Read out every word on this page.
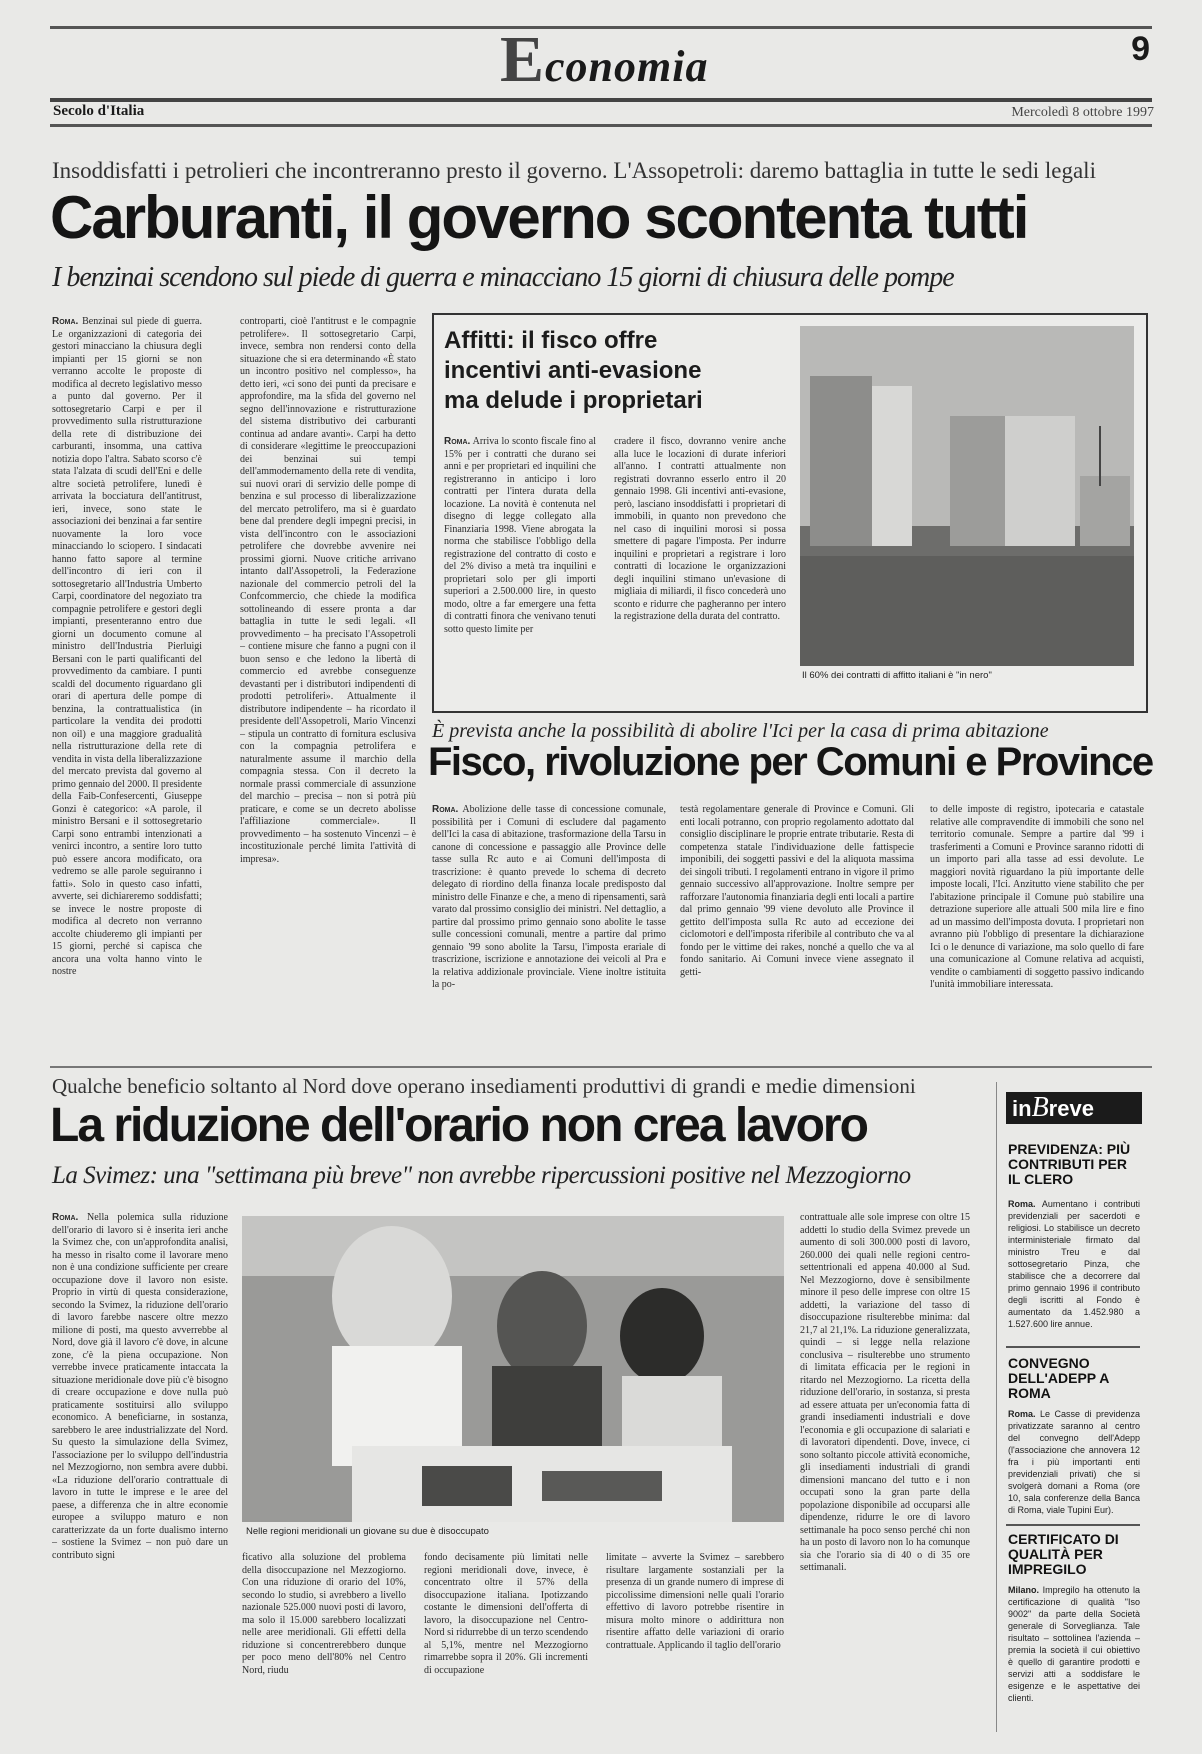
Economia	9
Secolo d'Italia	Mercoledì 8 ottobre 1997
Insoddisfatti i petrolieri che incontreranno presto il governo. L'Assopetroli: daremo battaglia in tutte le sedi legali
Carburanti, il governo scontenta tutti
I benzinai scendono sul piede di guerra e minacciano 15 giorni di chiusura delle pompe
Roma. Benzinai sul piede di guerra. Le organizzazioni di categoria dei gestori minacciano la chiusura degli impianti per 15 giorni se non verranno accolte le proposte di modifica al decreto legislativo messo a punto dal governo. Per il sottosegretario Carpi e per il provvedimento sulla ristrutturazione della rete di distribuzione dei carburanti, insomma, una cattiva notizia dopo l'altra. Sabato scorso c'è stata l'alzata di scudi dell'Eni e delle altre società petrolifere, lunedì è arrivata la bocciatura dell'antitrust, ieri, invece, sono state le associazioni dei benzinai a far sentire nuovamente la loro voce minacciando lo sciopero. I sindacati hanno fatto sapore al termine dell'incontro di ieri con il sottosegretario all'Industria Umberto Carpi, coordinatore del negoziato tra compagnie petrolifere e gestori degli impianti, presenteranno entro due giorni un documento comune al ministro dell'Industria Pierluigi Bersani con le parti qualificanti del provvedimento da cambiare. I punti scaldi del documento riguardano gli orari di apertura delle pompe di benzina, la contrattualistica (in particolare la vendita dei prodotti non oil) e una maggiore gradualità nella ristrutturazione della rete di vendita in vista della liberalizzazione del mercato prevista dal governo al primo gennaio del 2000. Il presidente della Faib-Confesercenti, Giuseppe Gonzi è categorico: «A parole, il ministro Bersani e il sottosegretario Carpi sono entrambi intenzionati a venirci incontro, a sentire loro tutto può essere ancora modificato, ora vedremo se alle parole seguiranno i fatti». Solo in questo caso infatti, avverte, sei dichiareremo soddisfatti; se invece le nostre proposte di modifica al decreto non verranno accolte chiuderemo gli impianti per 15 giorni, perché si capisca che ancora una volta hanno vinto le nostre
controparti, cioè l'antitrust e le compagnie petrolifere». Il sottosegretario Carpi, invece, sembra non rendersi conto della situazione che si era determinando «È stato un incontro positivo nel complesso», ha detto ieri, «ci sono dei punti da precisare e approfondire, ma la sfida del governo nel segno dell'innovazione e ristrutturazione del sistema distributivo dei carburanti continua ad andare avanti». Carpi ha detto di considerare «legittime le preoccupazioni dei benzinai sui tempi dell'ammodernamento della rete di vendita, sui nuovi orari di servizio delle pompe di benzina e sul processo di liberalizzazione del mercato petrolifero, ma si è guardato bene dal prendere degli impegni precisi, in vista dell'incontro con le associazioni petrolifere che dovrebbe avvenire nei prossimi giorni. Nuove critiche arrivano intanto dall'Assopetroli, la Federazione nazionale del commercio petroli del la Confcommercio, che chiede la modifica sottolineando di essere pronta a dar battaglia in tutte le sedi legali. «Il provvedimento – ha precisato l'Assopetroli – contiene misure che fanno a pugni con il buon senso e che ledono la libertà di commercio ed avrebbe conseguenze devastanti per i distributori indipendenti di prodotti petroliferi». Attualmente il distributore indipendente – ha ricordato il presidente dell'Assopetroli, Mario Vincenzi – stipula un contratto di fornitura esclusiva con la compagnia petrolifera e naturalmente assume il marchio della compagnia stessa. Con il decreto la normale prassi commerciale di assunzione del marchio – precisa – non si potrà più praticare, e come se un decreto abolisse l'affiliazione commerciale». Il provvedimento – ha sostenuto Vincenzi – è incostituzionale perché limita l'attività di impresa».
Affitti: il fisco offre
incentivi anti-evasione
ma delude i proprietari
Roma. Arriva lo sconto fiscale fino al 15% per i contratti che durano sei anni e per proprietari ed inquilini che registreranno in anticipo i loro contratti per l'intera durata della locazione. La novità è contenuta nel disegno di legge collegato alla Finanziaria 1998. Viene abrogata la norma che stabilisce l'obbligo della registrazione del contratto di costo e del 2% diviso a metà tra inquilini e proprietari solo per gli importi superiori a 2.500.000 lire, in questo modo, oltre a far emergere una fetta di contratti finora che venivano tenuti sotto questo limite per
cradere il fisco, dovranno venire anche alla luce le locazioni di durate inferiori all'anno. I contratti attualmente non registrati dovranno esserlo entro il 20 gennaio 1998. Gli incentivi anti-evasione, però, lasciano insoddisfatti i proprietari di immobili, in quanto non prevedono che nel caso di inquilini morosi si possa smettere di pagare l'imposta. Per indurre inquilini e proprietari a registrare i loro contratti di locazione le organizzazioni degli inquilini stimano un'evasione di migliaia di miliardi, il fisco concederà uno sconto e ridurre che pagheranno per intero la registrazione della durata del contratto.
Il 60% dei contratti di affitto italiani è "in nero"
È prevista anche la possibilità di abolire l'Ici per la casa di prima abitazione
Fisco, rivoluzione per Comuni e Province
Roma. Abolizione delle tasse di concessione comunale, possibilità per i Comuni di escludere dal pagamento dell'Ici la casa di abitazione, trasformazione della Tarsu in canone di concessione e passaggio alle Province delle tasse sulla Rc auto e ai Comuni dell'imposta di trascrizione: è quanto prevede lo schema di decreto delegato di riordino della finanza locale predisposto dal ministro delle Finanze e che, a meno di ripensamenti, sarà varato dal prossimo consiglio dei ministri. Nel dettaglio, a partire dal prossimo primo gennaio sono abolite le tasse sulle concessioni comunali, mentre a partire dal primo gennaio '99 sono abolite la Tarsu, l'imposta erariale di trascrizione, iscrizione e annotazione dei veicoli al Pra e la relativa addizionale provinciale. Viene inoltre istituita la po-
testà regolamentare generale di Province e Comuni. Gli enti locali potranno, con proprio regolamento adottato dal consiglio disciplinare le proprie entrate tributarie. Resta di competenza statale l'individuazione delle fattispecie imponibili, dei soggetti passivi e del la aliquota massima dei singoli tributi. I regolamenti entrano in vigore il primo gennaio successivo all'approvazione. Inoltre sempre per rafforzare l'autonomia finanziaria degli enti locali a partire dal primo gennaio '99 viene devoluto alle Province il gettito dell'imposta sulla Rc auto ad eccezione dei ciclomotori e dell'imposta riferibile al contributo che va al fondo per le vittime dei rakes, nonché a quello che va al fondo sanitario. Ai Comuni invece viene assegnato il getti-
to delle imposte di registro, ipotecaria e catastale relative alle compravendite di immobili che sono nel territorio comunale. Sempre a partire dal '99 i trasferimenti a Comuni e Province saranno ridotti di un importo pari alla tasse ad essi devolute. Le maggiori novità riguardano la più importante delle imposte locali, l'Ici. Anzitutto viene stabilito che per l'abitazione principale il Comune può stabilire una detrazione superiore alle attuali 500 mila lire e fino ad un massimo dell'imposta dovuta. I proprietari non avranno più l'obbligo di presentare la dichiarazione Ici o le denunce di variazione, ma solo quello di fare una comunicazione al Comune relativa ad acquisti, vendite o cambiamenti di soggetto passivo indicando l'unità immobiliare interessata.
Qualche beneficio soltanto al Nord dove operano insediamenti produttivi di grandi e medie dimensioni
La riduzione dell'orario non crea lavoro
La Svimez: una "settimana più breve" non avrebbe ripercussioni positive nel Mezzogiorno
Roma. Nella polemica sulla riduzione dell'orario di lavoro si è inserita ieri anche la Svimez che, con un'approfondita analisi, ha messo in risalto come il lavorare meno non è una condizione sufficiente per creare occupazione dove il lavoro non esiste. Proprio in virtù di questa considerazione, secondo la Svimez, la riduzione dell'orario di lavoro farebbe nascere oltre mezzo milione di posti, ma questo avverrebbe al Nord, dove già il lavoro c'è dove, in alcune zone, c'è la piena occupazione. Non verrebbe invece praticamente intaccata la situazione meridionale dove più c'è bisogno di creare occupazione e dove nulla può praticamente sostituirsi allo sviluppo economico. A beneficiarne, in sostanza, sarebbero le aree industrializzate del Nord. Su questo la simulazione della Svimez, l'associazione per lo sviluppo dell'industria nel Mezzogiorno, non sembra avere dubbi. «La riduzione dell'orario contrattuale di lavoro in tutte le imprese e le aree del paese, a differenza che in altre economie europee a sviluppo maturo e non caratterizzate da un forte dualismo interno – sostiene la Svimez – non può dare un contributo signi
Nelle regioni meridionali un giovane su due è disoccupato
ficativo alla soluzione del problema della disoccupazione nel Mezzogiorno. Con una riduzione di orario del 10%, secondo lo studio, si avrebbero a livello nazionale 525.000 nuovi posti di lavoro, ma solo il 15.000 sarebbero localizzati nelle aree meridionali. Gli effetti della riduzione si concentrerebbero dunque per poco meno dell'80% nel Centro Nord, riudu
fondo decisamente più limitati nelle regioni meridionali dove, invece, è concentrato oltre il 57% della disoccupazione italiana. Ipotizzando costante le dimensioni dell'offerta di lavoro, la disoccupazione nel Centro-Nord si ridurrebbe di un terzo scendendo al 5,1%, mentre nel Mezzogiorno rimarrebbe sopra il 20%. Gli incrementi di occupazione
limitate – avverte la Svimez – sarebbero risultare largamente sostanziali per la presenza di un grande numero di imprese di piccolissime dimensioni nelle quali l'orario effettivo di lavoro potrebbe risentire in misura molto minore o addirittura non risentire affatto delle variazioni di orario contrattuale. Applicando il taglio dell'orario
contrattuale alle sole imprese con oltre 15 addetti lo studio della Svimez prevede un aumento di soli 300.000 posti di lavoro, 260.000 dei quali nelle regioni centro-settentrionali ed appena 40.000 al Sud. Nel Mezzogiorno, dove è sensibilmente minore il peso delle imprese con oltre 15 addetti, la variazione del tasso di disoccupazione risulterebbe minima: dal 21,7 al 21,1%. La riduzione generalizzata, quindi – si legge nella relazione conclusiva – risulterebbe uno strumento di limitata efficacia per le regioni in ritardo nel Mezzogiorno. La ricetta della riduzione dell'orario, in sostanza, si presta ad essere attuata per un'economia fatta di grandi insediamenti industriali e dove l'economia e gli occupazione di salariati e di lavoratori dipendenti. Dove, invece, ci sono soltanto piccole attività economiche, gli insediamenti industriali di grandi dimensioni mancano del tutto e i non occupati sono la gran parte della popolazione disponibile ad occuparsi alle dipendenze, ridurre le ore di lavoro settimanale ha poco senso perché chi non ha un posto di lavoro non lo ha comunque sia che l'orario sia di 40 o di 35 ore settimanali.
inBreve
PREVIDENZA: PIÙ CONTRIBUTI PER IL CLERO
Roma. Aumentano i contributi previdenziali per sacerdoti e religiosi. Lo stabilisce un decreto interministeriale firmato dal ministro Treu e dal sottosegretario Pinza, che stabilisce che a decorrere dal primo gennaio 1996 il contributo degli iscritti al Fondo è aumentato da 1.452.980 a 1.527.600 lire annue.
CONVEGNO DELL'ADEPP A ROMA
Roma. Le Casse di previdenza privatizzate saranno al centro del convegno dell'Adepp (l'associazione che annovera 12 fra i più importanti enti previdenziali privati) che si svolgerà domani a Roma (ore 10, sala conferenze della Banca di Roma, viale Tupini Eur).
CERTIFICATO DI QUALITÀ PER IMPREGILO
Milano. Impregilo ha ottenuto la certificazione di qualità "Iso 9002" da parte della Società generale di Sorveglianza. Tale risultato – sottolinea l'azienda – premia la società il cui obiettivo è quello di garantire prodotti e servizi atti a soddisfare le esigenze e le aspettative dei clienti.
